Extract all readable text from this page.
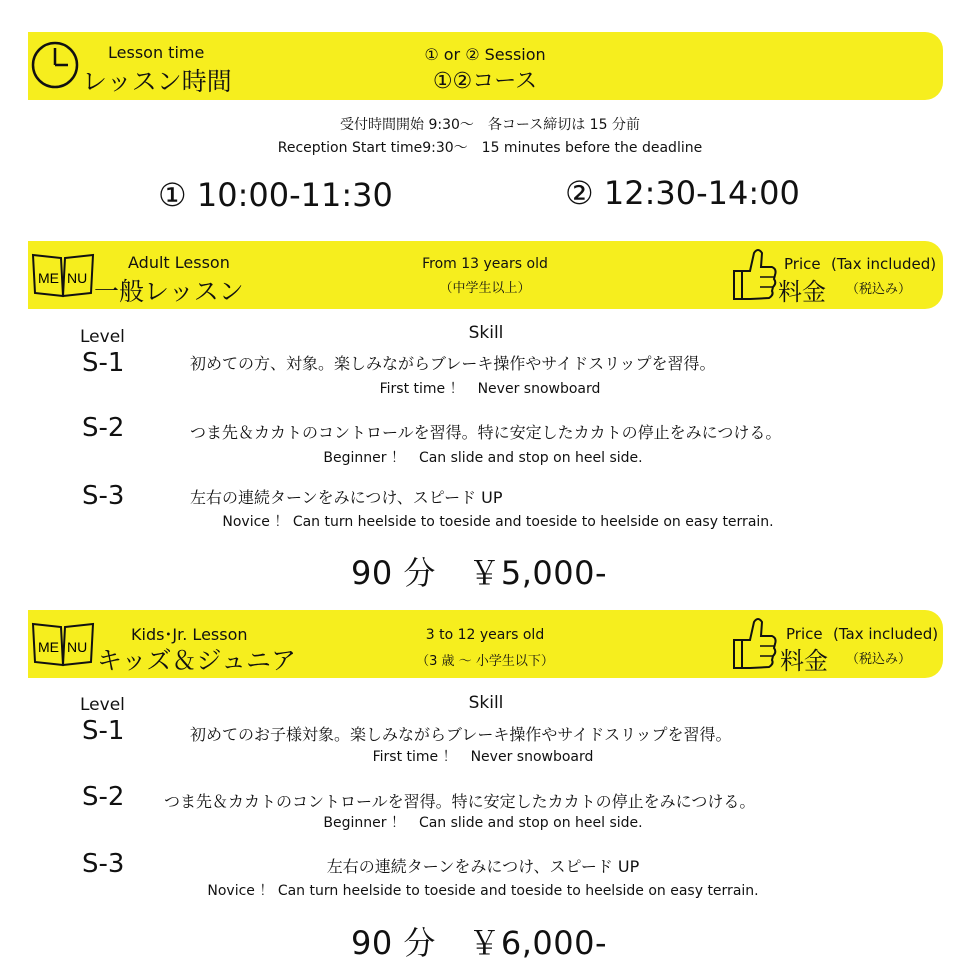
Lesson time
レッスン時間
① or ② Session
①②コース
受付時間開始 9:30～　各コース締切は 15 分前
Reception Start time9:30～　15 minutes before the deadline
① 10:00-11:30	② 12:30-14:00
ME NU
Adult Lesson
一般レッスン
From 13 years old
（中学生以上）
Price (Tax included)
料金 （税込み）
Level	Skill
S-1	初めての方、対象。楽しみながらブレーキ操作やサイドスリップを習得。
First time ！　Never snowboard
S-2	つま先＆カカトのコントロールを習得。特に安定したカカトの停止をみにつける。
Beginner ！　Can slide and stop on heel side.
S-3	左右の連続ターンをみにつけ、スピード UP
Novice ！ Can turn heelside to toeside and toeside to heelside on easy terrain.
90 分　￥5,000-
ME NU
Kids･Jr. Lesson
キッズ＆ジュニア
3 to 12 years old
（3 歳 ～ 小学生以下）
Price (Tax included)
料金 （税込み）
Level	Skill
S-1	初めてのお子様対象。楽しみながらブレーキ操作やサイドスリップを習得。
First time ！　Never snowboard
S-2 つま先＆カカトのコントロールを習得。特に安定したカカトの停止をみにつける。
Beginner ！　Can slide and stop on heel side.
S-3	左右の連続ターンをみにつけ、スピード UP
Novice ！ Can turn heelside to toeside and toeside to heelside on easy terrain.
90 分　￥6,000-
